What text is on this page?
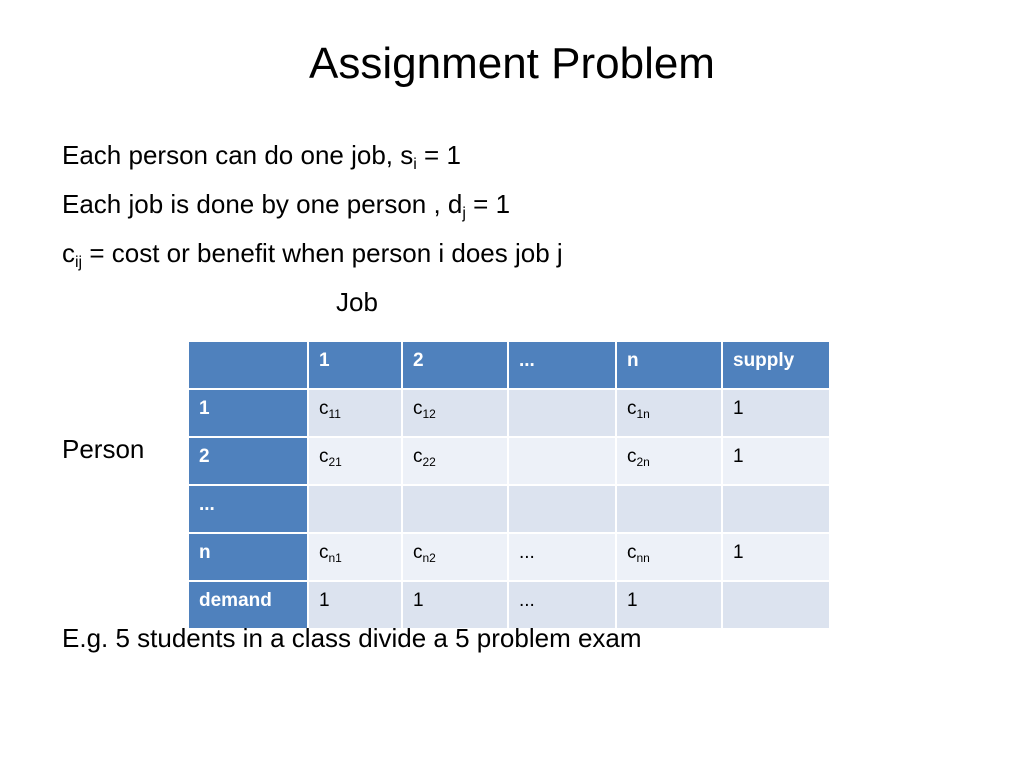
Assignment Problem
Each person can do one job, $s_i = 1$
Each job is done by one person , $d_j = 1$
$c_{ij} = \cos t$ or benefit when person i does job j
Job
Person
	1	2	...	n	supply
1	$c_{11}$	$c_{12}$		$c_{1n}$	1
2	$c_{21}$	$c_{22}$		$c_{2n}$	1
...					
n	$c_{n1}$	$c_{n2}$	...	$c_{nn}$	1
demand	1	1	...	1	
E.g. 5 students in a class divide a 5 problem exam
